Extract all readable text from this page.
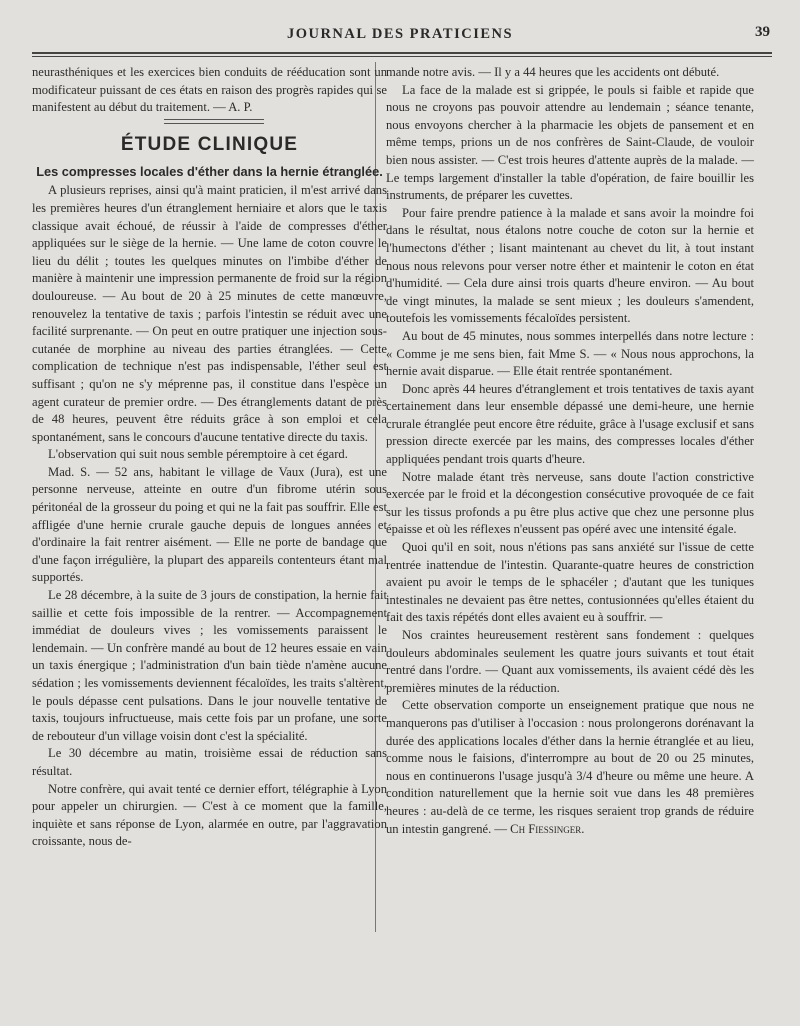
JOURNAL DES PRATICIENS	39

neurasthéniques et les exercices bien conduits de rééducation sont un modificateur puissant de ces états en raison des progrès rapides qui se manifestent au début du traitement. — A. P.

ÉTUDE CLINIQUE
Les compresses locales d'éther dans la hernie étranglée.

A plusieurs reprises, ainsi qu'à maint praticien, il m'est arrivé dans les premières heures d'un étranglement herniaire et alors que le taxis classique avait échoué, de réussir à l'aide de compresses d'éther appliquées sur le siège de la hernie. — Une lame de coton couvre le lieu du délit ; toutes les quelques minutes on l'imbibe d'éther de manière à maintenir une impression permanente de froid sur la région douloureuse. — Au bout de 20 à 25 minutes de cette manœuvre, renouvelez la tentative de taxis ; parfois l'intestin se réduit avec une facilité surprenante. — On peut en outre pratiquer une injection sous-cutanée de morphine au niveau des parties étranglées. — Cette complication de technique n'est pas indispensable, l'éther seul est suffisant ; qu'on ne s'y méprenne pas, il constitue dans l'espèce un agent curateur de premier ordre. — Des étranglements datant de près de 48 heures, peuvent être réduits grâce à son emploi et cela spontanément, sans le concours d'aucune tentative directe du taxis.

L'observation qui suit nous semble péremptoire à cet égard.

Mad. S. — 52 ans, habitant le village de Vaux (Jura), est une personne nerveuse, atteinte en outre d'un fibrome utérin sous péritonéal de la grosseur du poing et qui ne la fait pas souffrir. Elle est affligée d'une hernie crurale gauche depuis de longues années et d'ordinaire la fait rentrer aisément. — Elle ne porte de bandage que d'une façon irrégulière, la plupart des appareils contenteurs étant mal supportés.

Le 28 décembre, à la suite de 3 jours de constipation, la hernie fait saillie et cette fois impossible de la rentrer. — Accompagnement immédiat de douleurs vives ; les vomissements paraissent le lendemain. — Un confrère mandé au bout de 12 heures essaie en vain un taxis énergique ; l'administration d'un bain tiède n'amène aucune sédation ; les vomissements deviennent fécaloïdes, les traits s'altèrent, le pouls dépasse cent pulsations. Dans le jour nouvelle tentative de taxis, toujours infructueuse, mais cette fois par un profane, une sorte de rebouteur d'un village voisin dont c'est la spécialité.

Le 30 décembre au matin, troisième essai de réduction sans résultat.

Notre confrère, qui avait tenté ce dernier effort, télégraphie à Lyon pour appeler un chirurgien. — C'est à ce moment que la famille, inquiète et sans réponse de Lyon, alarmée en outre, par l'aggravation croissante, nous de-

mande notre avis. — Il y a 44 heures que les accidents ont débuté.

La face de la malade est si grippée, le pouls si faible et rapide que nous ne croyons pas pouvoir attendre au lendemain ; séance tenante, nous envoyons chercher à la pharmacie les objets de pansement et en même temps, prions un de nos confrères de Saint-Claude, de vouloir bien nous assister. — C'est trois heures d'attente auprès de la malade. — Le temps largement d'installer la table d'opération, de faire bouillir les instruments, de préparer les cuvettes.

Pour faire prendre patience à la malade et sans avoir la moindre foi dans le résultat, nous étalons notre couche de coton sur la hernie et l'humectons d'éther ; lisant maintenant au chevet du lit, à tout instant nous nous relevons pour verser notre éther et maintenir le coton en état d'humidité. — Cela dure ainsi trois quarts d'heure environ. — Au bout de vingt minutes, la malade se sent mieux ; les douleurs s'amendent, toutefois les vomissements fécaloïdes persistent.

Au bout de 45 minutes, nous sommes interpellés dans notre lecture : « Comme je me sens bien, fait Mme S. — « Nous nous approchons, la hernie avait disparue. — Elle était rentrée spontanément.

Donc après 44 heures d'étranglement et trois tentatives de taxis ayant certainement dans leur ensemble dépassé une demi-heure, une hernie crurale étranglée peut encore être réduite, grâce à l'usage exclusif et sans pression directe exercée par les mains, des compresses locales d'éther appliquées pendant trois quarts d'heure.

Notre malade étant très nerveuse, sans doute l'action constrictive exercée par le froid et la décongestion consécutive provoquée de ce fait sur les tissus profonds a pu être plus active que chez une personne plus épaisse et où les réflexes n'eussent pas opéré avec une intensité égale.

Quoi qu'il en soit, nous n'étions pas sans anxiété sur l'issue de cette rentrée inattendue de l'intestin. Quarante-quatre heures de constriction avaient pu avoir le temps de le sphacéler ; d'autant que les tuniques intestinales ne devaient pas être nettes, contusionnées qu'elles étaient du fait des taxis répétés dont elles avaient eu à souffrir. —

Nos craintes heureusement restèrent sans fondement : quelques douleurs abdominales seulement les quatre jours suivants et tout était rentré dans l'ordre. — Quant aux vomissements, ils avaient cédé dès les premières minutes de la réduction.

Cette observation comporte un enseignement pratique que nous ne manquerons pas d'utiliser à l'occasion : nous prolongerons dorénavant la durée des applications locales d'éther dans la hernie étranglée et au lieu, comme nous le faisions, d'interrompre au bout de 20 ou 25 minutes, nous en continuerons l'usage jusqu'à 3/4 d'heure ou même une heure. A condition naturellement que la hernie soit vue dans les 48 premières heures : au-delà de ce terme, les risques seraient trop grands de réduire un intestin gangrené. — Ch Fiessinger.
